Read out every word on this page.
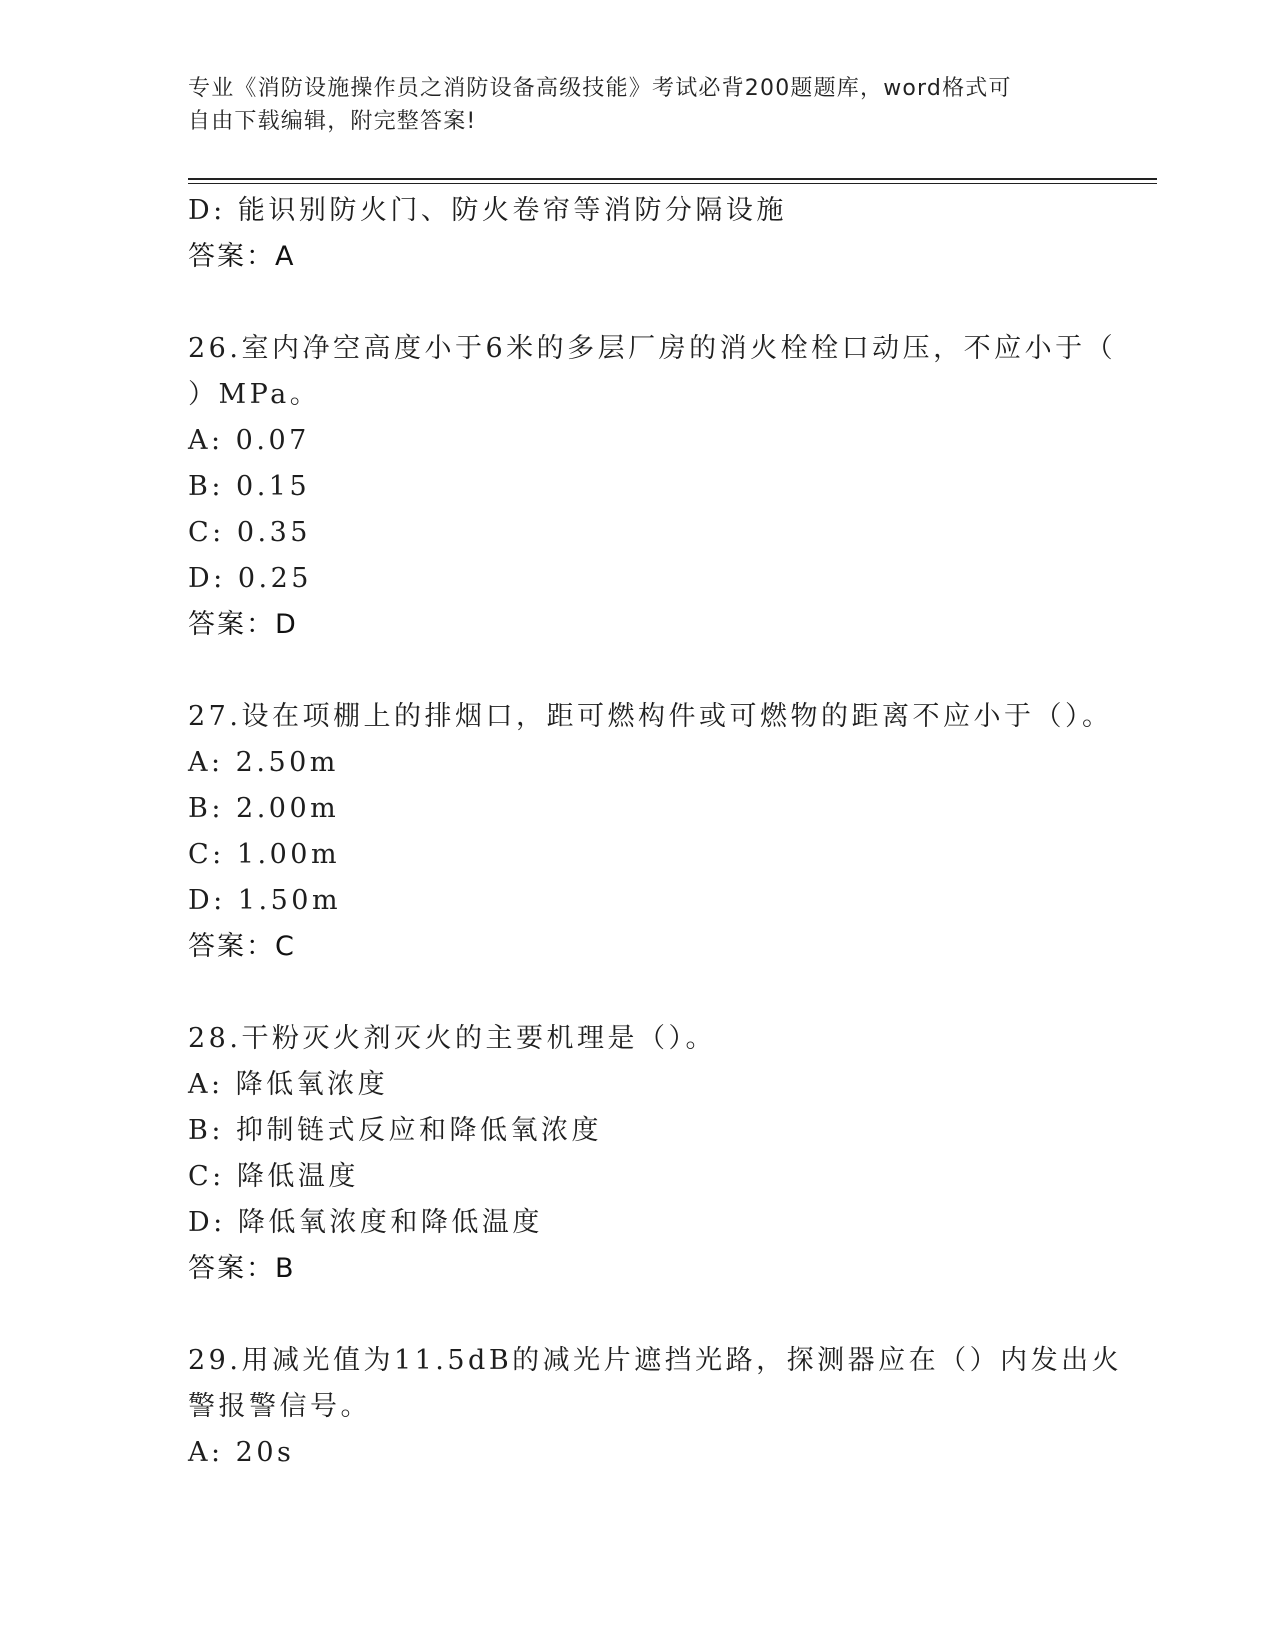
专业《消防设施操作员之消防设备高级技能》考试必背200题题库，word格式可
自由下载编辑，附完整答案!
D: 能识别防火门、防火卷帘等消防分隔设施
答案：A
26.室内净空高度小于6米的多层厂房的消火栓栓口动压，不应小于（
）MPa。
A: 0.07
B: 0.15
C: 0.35
D: 0.25
答案：D
27.设在项棚上的排烟口，距可燃构件或可燃物的距离不应小于（）。
A: 2.50m
B: 2.00m
C: 1.00m
D: 1.50m
答案：C
28.干粉灭火剂灭火的主要机理是（）。
A: 降低氧浓度
B: 抑制链式反应和降低氧浓度
C: 降低温度
D: 降低氧浓度和降低温度
答案：B
29.用减光值为11.5dB的减光片遮挡光路，探测器应在（）内发出火
警报警信号。
A: 20s
